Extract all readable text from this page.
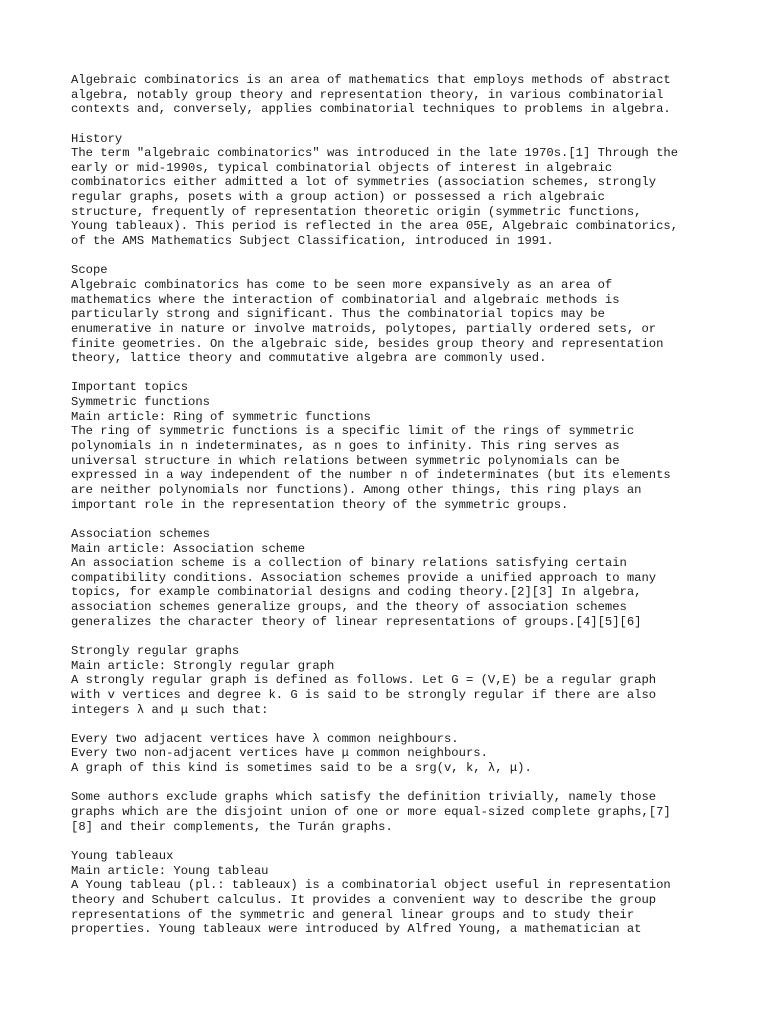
Algebraic combinatorics is an area of mathematics that employs methods of abstract
algebra, notably group theory and representation theory, in various combinatorial
contexts and, conversely, applies combinatorial techniques to problems in algebra.
History
The term "algebraic combinatorics" was introduced in the late 1970s.[1] Through the
early or mid-1990s, typical combinatorial objects of interest in algebraic
combinatorics either admitted a lot of symmetries (association schemes, strongly
regular graphs, posets with a group action) or possessed a rich algebraic
structure, frequently of representation theoretic origin (symmetric functions,
Young tableaux). This period is reflected in the area 05E, Algebraic combinatorics,
of the AMS Mathematics Subject Classification, introduced in 1991.
Scope
Algebraic combinatorics has come to be seen more expansively as an area of
mathematics where the interaction of combinatorial and algebraic methods is
particularly strong and significant. Thus the combinatorial topics may be
enumerative in nature or involve matroids, polytopes, partially ordered sets, or
finite geometries. On the algebraic side, besides group theory and representation
theory, lattice theory and commutative algebra are commonly used.
Important topics
Symmetric functions
Main article: Ring of symmetric functions
The ring of symmetric functions is a specific limit of the rings of symmetric
polynomials in n indeterminates, as n goes to infinity. This ring serves as
universal structure in which relations between symmetric polynomials can be
expressed in a way independent of the number n of indeterminates (but its elements
are neither polynomials nor functions). Among other things, this ring plays an
important role in the representation theory of the symmetric groups.
Association schemes
Main article: Association scheme
An association scheme is a collection of binary relations satisfying certain
compatibility conditions. Association schemes provide a unified approach to many
topics, for example combinatorial designs and coding theory.[2][3] In algebra,
association schemes generalize groups, and the theory of association schemes
generalizes the character theory of linear representations of groups.[4][5][6]
Strongly regular graphs
Main article: Strongly regular graph
A strongly regular graph is defined as follows. Let G = (V,E) be a regular graph
with v vertices and degree k. G is said to be strongly regular if there are also
integers λ and μ such that:
Every two adjacent vertices have λ common neighbours.
Every two non-adjacent vertices have μ common neighbours.
A graph of this kind is sometimes said to be a srg(v, k, λ, μ).
Some authors exclude graphs which satisfy the definition trivially, namely those
graphs which are the disjoint union of one or more equal-sized complete graphs,[7]
[8] and their complements, the Turán graphs.
Young tableaux
Main article: Young tableau
A Young tableau (pl.: tableaux) is a combinatorial object useful in representation
theory and Schubert calculus. It provides a convenient way to describe the group
representations of the symmetric and general linear groups and to study their
properties. Young tableaux were introduced by Alfred Young, a mathematician at
